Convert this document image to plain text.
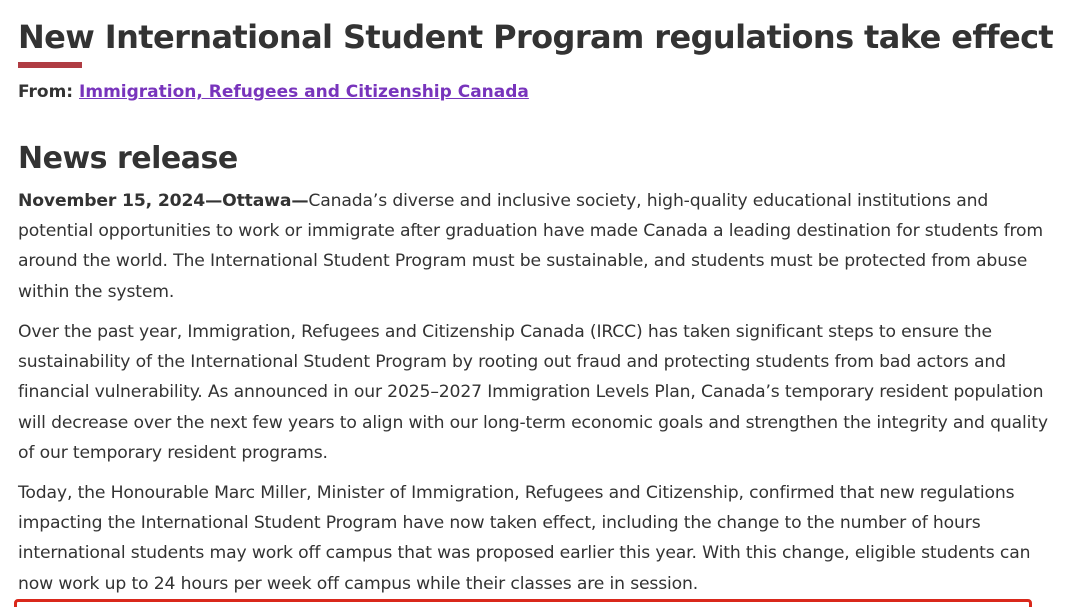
New International Student Program regulations take effect
From: Immigration, Refugees and Citizenship Canada
News release

November 15, 2024—Ottawa—Canada’s diverse and inclusive society, high-quality educational institutions and potential opportunities to work or immigrate after graduation have made Canada a leading destination for students from around the world. The International Student Program must be sustainable, and students must be protected from abuse within the system.

Over the past year, Immigration, Refugees and Citizenship Canada (IRCC) has taken significant steps to ensure the sustainability of the International Student Program by rooting out fraud and protecting students from bad actors and financial vulnerability. As announced in our 2025–2027 Immigration Levels Plan, Canada’s temporary resident population will decrease over the next few years to align with our long-term economic goals and strengthen the integrity and quality of our temporary resident programs.

Today, the Honourable Marc Miller, Minister of Immigration, Refugees and Citizenship, confirmed that new regulations impacting the International Student Program have now taken effect, including the change to the number of hours international students may work off campus that was proposed earlier this year. With this change, eligible students can now work up to 24 hours per week off campus while their classes are in session.
